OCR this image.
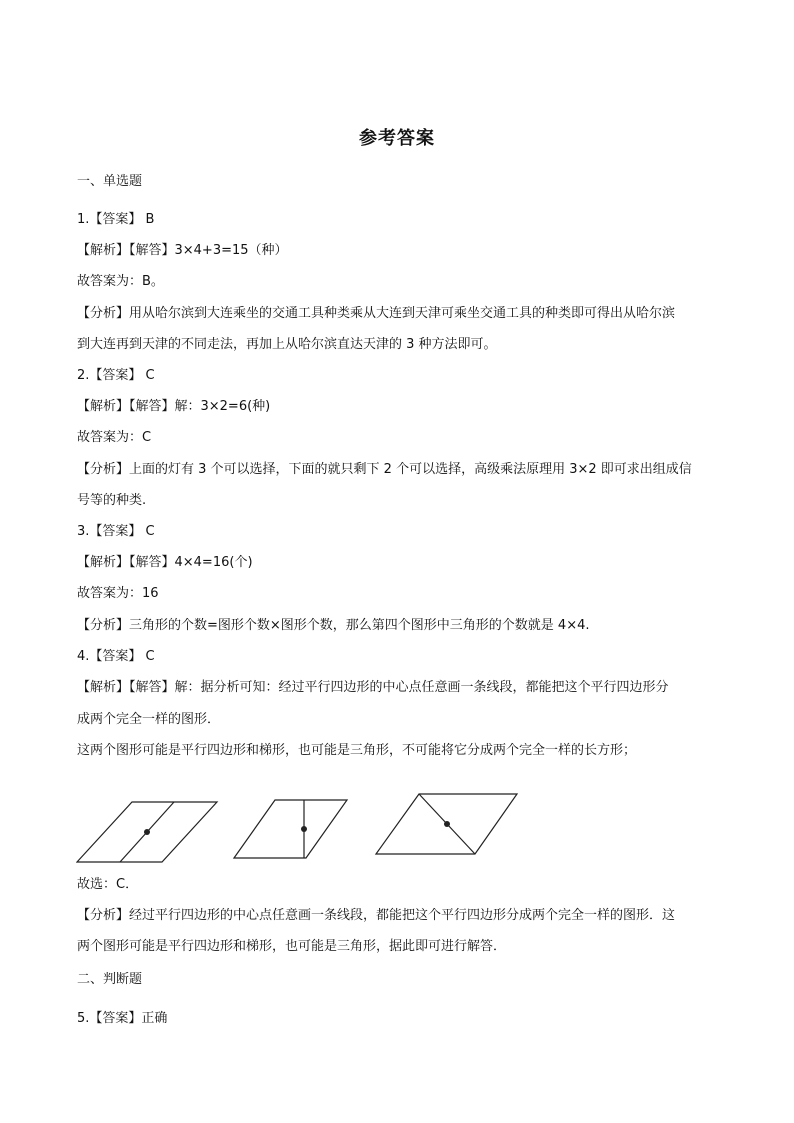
参考答案
一、单选题
1.【答案】 B
【解析】【解答】3×4+3=15（种）
故答案为：B。
【分析】用从哈尔滨到大连乘坐的交通工具种类乘从大连到天津可乘坐交通工具的种类即可得出从哈尔滨
到大连再到天津的不同走法，再加上从哈尔滨直达天津的 3 种方法即可。
2.【答案】 C
【解析】【解答】解：3×2=6(种)
故答案为：C
【分析】上面的灯有 3 个可以选择，下面的就只剩下 2 个可以选择，高级乘法原理用 3×2 即可求出组成信
号等的种类.
3.【答案】 C
【解析】【解答】4×4=16(个)
故答案为：16
【分析】三角形的个数=图形个数×图形个数，那么第四个图形中三角形的个数就是 4×4.
4.【答案】 C
【解析】【解答】解：据分析可知：经过平行四边形的中心点任意画一条线段，都能把这个平行四边形分
成两个完全一样的图形．
这两个图形可能是平行四边形和梯形，也可能是三角形，不可能将它分成两个完全一样的长方形；
故选：C．
【分析】经过平行四边形的中心点任意画一条线段，都能把这个平行四边形分成两个完全一样的图形．这
两个图形可能是平行四边形和梯形，也可能是三角形，据此即可进行解答．
二、判断题
5.【答案】正确
